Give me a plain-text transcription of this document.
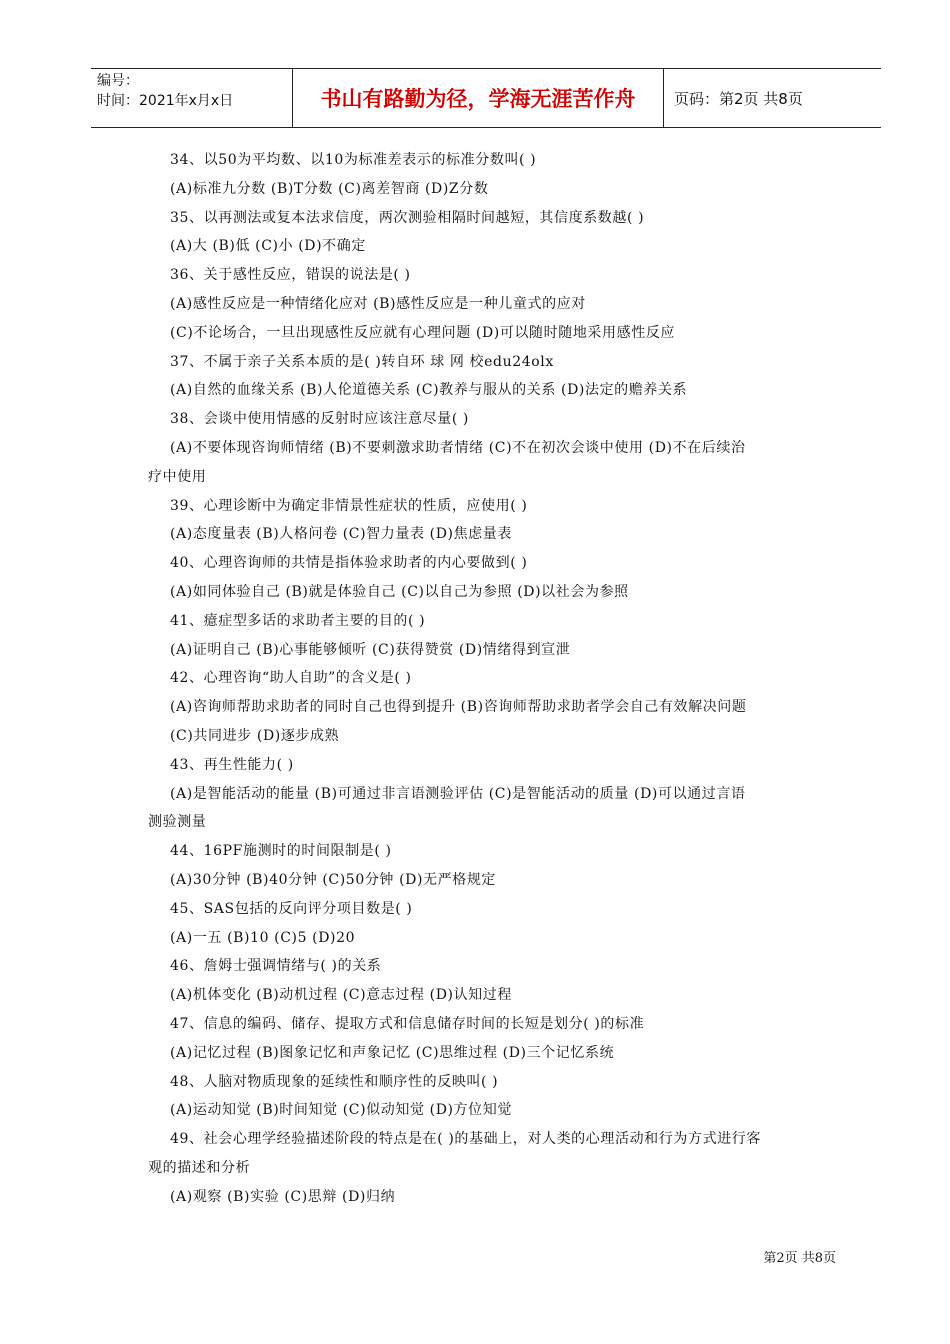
编号：
时间：2021年x月x日	书山有路勤为径，学海无涯苦作舟	页码：第2页 共8页

34、以50为平均数、以10为标准差表示的标准分数叫( )

(A)标准九分数 (B)T分数 (C)离差智商 (D)Z分数

35、以再测法或复本法求信度，两次测验相隔时间越短，其信度系数越( )

(A)大 (B)低 (C)小 (D)不确定

36、关于感性反应，错误的说法是( )

(A)感性反应是一种情绪化应对 (B)感性反应是一种儿童式的应对

(C)不论场合，一旦出现感性反应就有心理问题 (D)可以随时随地采用感性反应

37、不属于亲子关系本质的是( )转自环 球 网 校edu24olx

(A)自然的血缘关系 (B)人伦道德关系 (C)教养与服从的关系 (D)法定的赡养关系

38、会谈中使用情感的反射时应该注意尽量( )

(A)不要体现咨询师情绪 (B)不要刺激求助者情绪 (C)不在初次会谈中使用 (D)不在后续治

疗中使用

39、心理诊断中为确定非情景性症状的性质，应使用( )

(A)态度量表 (B)人格问卷 (C)智力量表 (D)焦虑量表

40、心理咨询师的共情是指体验求助者的内心要做到( )

(A)如同体验自己 (B)就是体验自己 (C)以自己为参照 (D)以社会为参照

41、癔症型多话的求助者主要的目的( )

(A)证明自己 (B)心事能够倾听 (C)获得赞赏 (D)情绪得到宣泄

42、心理咨询“助人自助”的含义是( )

(A)咨询师帮助求助者的同时自己也得到提升 (B)咨询师帮助求助者学会自己有效解决问题

(C)共同进步 (D)逐步成熟

43、再生性能力( )

(A)是智能活动的能量 (B)可通过非言语测验评估 (C)是智能活动的质量 (D)可以通过言语

测验测量

44、16PF施测时的时间限制是( )

(A)30分钟 (B)40分钟 (C)50分钟 (D)无严格规定

45、SAS包括的反向评分项目数是( )

(A)一五 (B)10 (C)5 (D)20

46、詹姆士强调情绪与( )的关系

(A)机体变化 (B)动机过程 (C)意志过程 (D)认知过程

47、信息的编码、储存、提取方式和信息储存时间的长短是划分( )的标准

(A)记忆过程 (B)图象记忆和声象记忆 (C)思维过程 (D)三个记忆系统

48、人脑对物质现象的延续性和顺序性的反映叫( )

(A)运动知觉 (B)时间知觉 (C)似动知觉 (D)方位知觉

49、社会心理学经验描述阶段的特点是在( )的基础上，对人类的心理活动和行为方式进行客

观的描述和分析

(A)观察 (B)实验 (C)思辩 (D)归纳

第2页 共8页
